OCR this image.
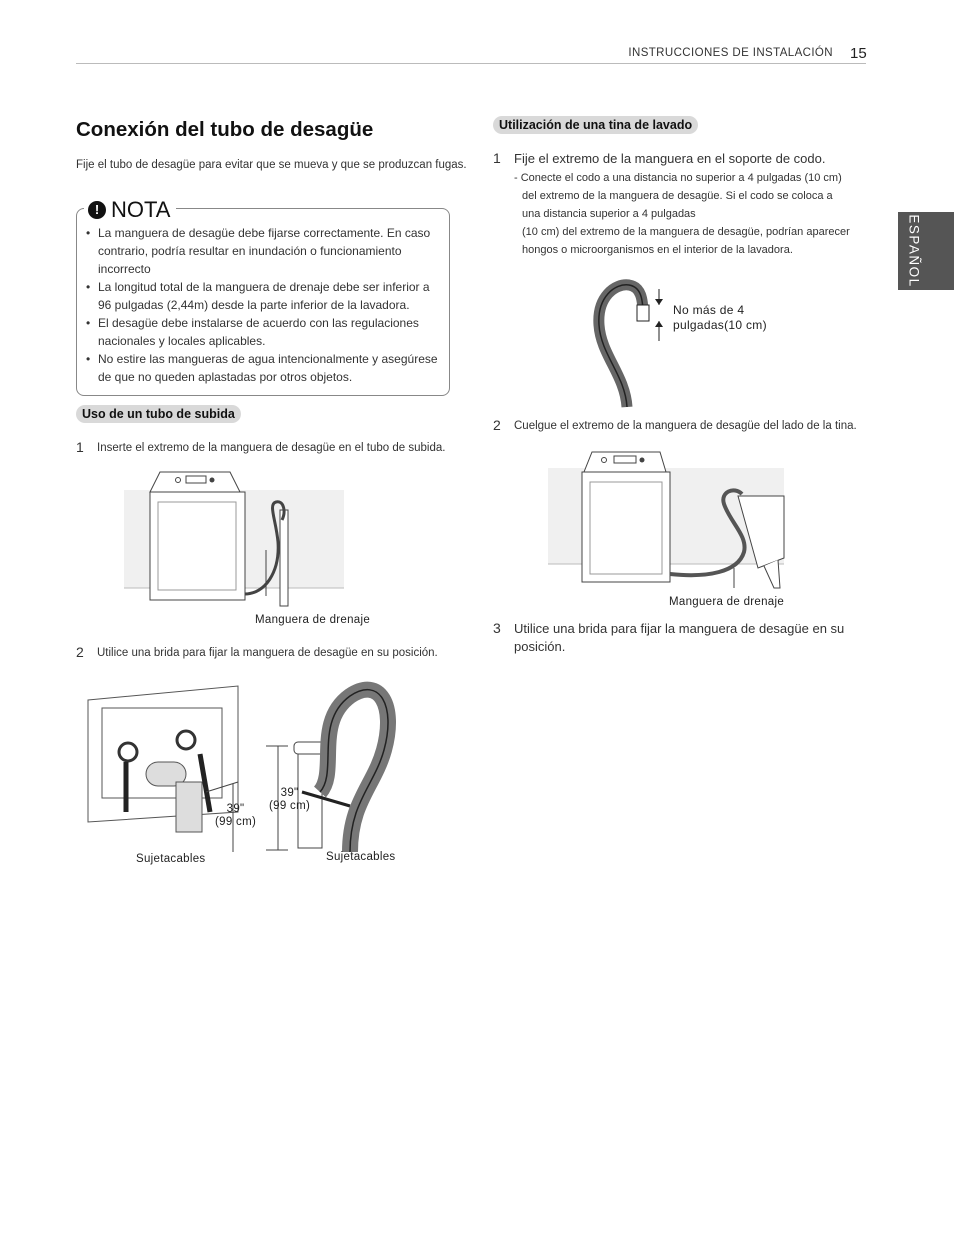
INSTRUCCIONES DE INSTALACIÓN 15
ESPAÑOL
Conexión del tubo de desagüe
Fije el tubo de desagüe para evitar que se mueva y que se produzcan fugas.
! NOTA
• La manguera de desagüe debe fijarse correctamente. En caso contrario, podría resultar en inundación o funcionamiento incorrecto
• La longitud total de la manguera de drenaje debe ser inferior a 96 pulgadas (2,44m) desde la parte inferior de la lavadora.
• El desagüe debe instalarse de acuerdo con las regulaciones nacionales y locales aplicables.
• No estire las mangueras de agua intencionalmente y asegúrese de que no queden aplastadas por otros objetos.
Uso de un tubo de subida
1 Inserte el extremo de la manguera de desagüe en el tubo de subida.
Manguera de drenaje
2 Utilice una brida para fijar la manguera de desagüe en su posición.
39"
(99 cm)
39"
(99 cm)
Sujetacables	Sujetacables
Utilización de una tina de lavado
1 Fije el extremo de la manguera en el soporte de codo.
- Conecte el codo a una distancia no superior a 4 pulgadas (10 cm)
del extremo de la manguera de desagüe. Si el codo se coloca a
una distancia superior a 4 pulgadas
(10 cm) del extremo de la manguera de desagüe, podrían aparecer
hongos o microorganismos en el interior de la lavadora.
No más de 4
pulgadas(10 cm)
2 Cuelgue el extremo de la manguera de desagüe del lado de la tina.
Manguera de drenaje
3 Utilice una brida para fijar la manguera de desagüe en su posición.
